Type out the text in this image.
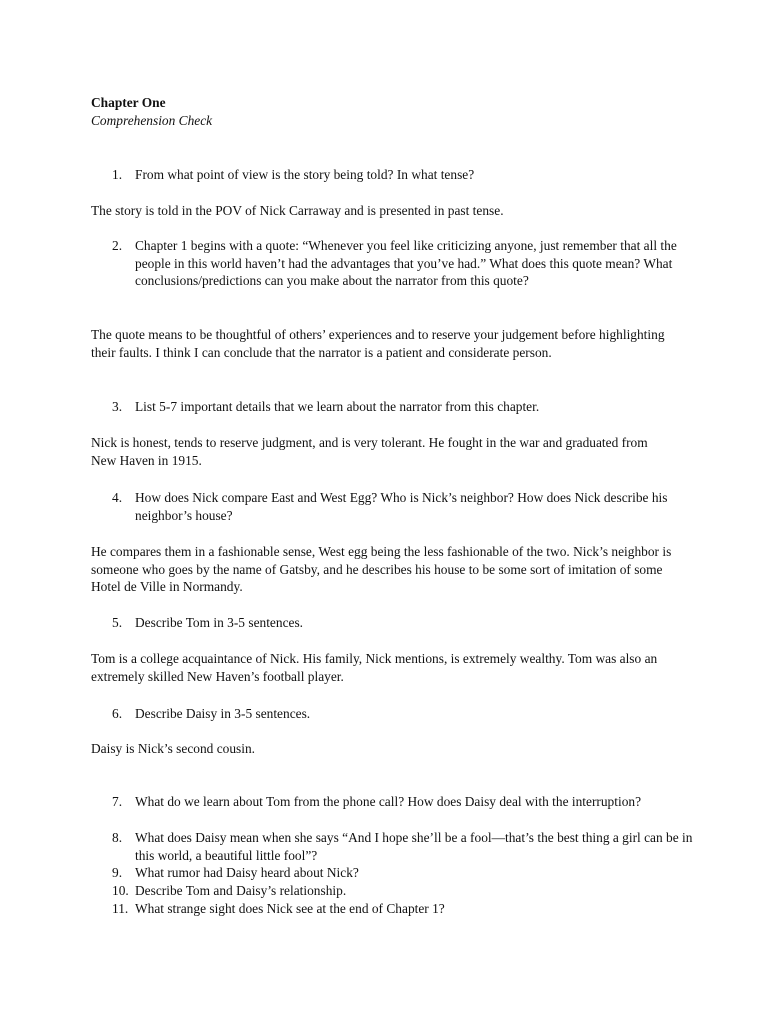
Chapter One
Comprehension Check
1. From what point of view is the story being told? In what tense?
The story is told in the POV of Nick Carraway and is presented in past tense.
2. Chapter 1 begins with a quote: “Whenever you feel like criticizing anyone, just remember that all the people in this world haven’t had the advantages that you’ve had.” What does this quote mean? What conclusions/predictions can you make about the narrator from this quote?
The quote means to be thoughtful of others’ experiences and to reserve your judgement before highlighting their faults. I think I can conclude that the narrator is a patient and considerate person.
3. List 5-7 important details that we learn about the narrator from this chapter.
Nick is honest, tends to reserve judgment, and is very tolerant. He fought in the war and graduated from New Haven in 1915.
4. How does Nick compare East and West Egg? Who is Nick’s neighbor? How does Nick describe his neighbor’s house?
He compares them in a fashionable sense, West egg being the less fashionable of the two. Nick’s neighbor is someone who goes by the name of Gatsby, and he describes his house to be some sort of imitation of some Hotel de Ville in Normandy.
5. Describe Tom in 3-5 sentences.
Tom is a college acquaintance of Nick. His family, Nick mentions, is extremely wealthy. Tom was also an extremely skilled New Haven’s football player.
6. Describe Daisy in 3-5 sentences.
Daisy is Nick’s second cousin.
7. What do we learn about Tom from the phone call? How does Daisy deal with the interruption?
8. What does Daisy mean when she says “And I hope she’ll be a fool—that’s the best thing a girl can be in this world, a beautiful little fool”?
9. What rumor had Daisy heard about Nick?
10. Describe Tom and Daisy’s relationship.
11. What strange sight does Nick see at the end of Chapter 1?
